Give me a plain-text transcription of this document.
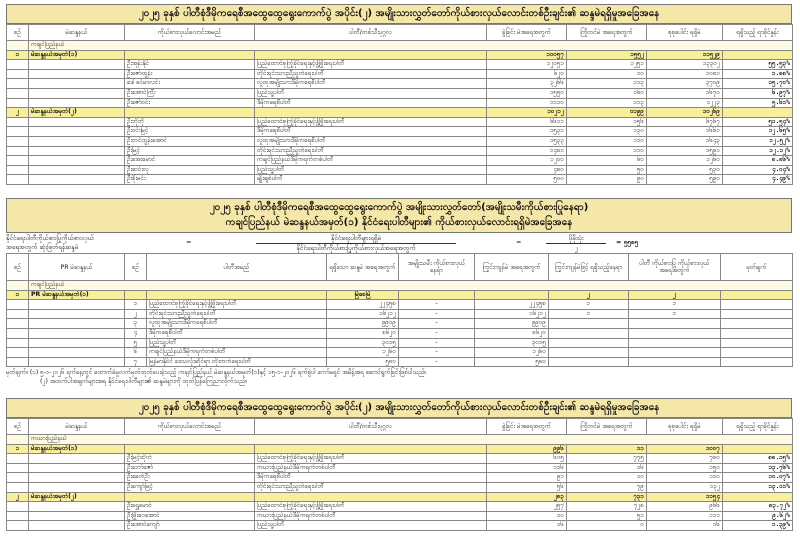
၂၀၂၅ ခုနှစ် ပါတီစုံဒီမိုကရေစီအထွေထွေရွေးကောက်ပွဲ အပိုင်း(၂) အမျိုးသားလွှတ်တော်ကိုယ်စားလှယ်လောင်းတစ်ဦးချင်း၏ ဆန္ဒမဲရရှိမှုအခြေအနေ
စဉ်	မဲဆန္ဒနယ်	ကိုယ်စားလှယ်လောင်းအမည်	ပါတီ/တစ်သီးပုဂ္ဂလ	ခွဲခြင်း မဲအရေအတွက်	ကြိုတင်မဲ အရေအတွက်	စုစုပေါင်း ရရှိမဲ	ရရှိသည့် ရာခိုင်နှုန်း
	ကချင်ပြည်နယ်						
၁	မဲဆန္ဒနယ်အမှတ်(၁)			၁၀၀၅၇	၁၅၅၂	၁၁၅၂၉	
		ဦးအုန်းနိုင်	ပြည်ထောင်စုကြံ့ခိုင်ရေးနှင့်ဖွံ့ဖြိုးရေးပါတီ	၁၂၀၅၁	၁၂၅၁	၁၃၃၀၂	၅၅.၅၃%
		ဦးဇော်ထွန်း	တိုင်းရင်းသားညီညွတ်ရေးပါတီ	၆၂၀	၁၀	၁၀၈၁	၁.၈၈%
		ဒေါ်ခင်မာလင်း	လူထုအမျိုးသားဒီမိုကရေစီပါတီ	၃၂၆၆	၁၁၃	၃၇၀၉	၁၅.၇၀%
		ဦးအောင်ကြီး	ပြည်သူ့ပါတီ	၁၅၅၀	၁၆၀	၁၆၇၀	၆.၉၇%
		ဦးဇော်ဝင်း	ဒီမိုကရေစီပါတီ	၁၁၁၀	၁၁၃	၁၂၂၃	၅.၆၁%
၂	မဲဆန္ဒနယ်အမှတ်(၂)			၁၀၂၁၂	၀၁၉၉	၁၀၂၆၉	
		ဦးဘိုဘို	ပြည်ထောင်စုကြံ့ခိုင်ရေးနှင့်ဖွံ့ဖြိုးရေးပါတီ	၆၆၁၁	၁၅၆	၆၇၆၇	၅၁.၅၄%
		ဦးဝင်းမြင့်	ဒီမိုကရေစီပါတီ	၁၅၃၁	၁၃၀	၁၆၆၁	၁၂.၆၅%
		ဦးတင်ထွန်းအောင်	လူထုအမျိုးသားဒီမိုကရေစီပါတီ	၁၅၃၃	၁၁၀	၁၆၄၃	၁၂.၅၂%
		ဦးမြင့်	တိုင်းရင်းသားညီညွတ်ရေးပါတီ	၁၄၈၁	၁၁၀	၁၅၉၁	၁၂.၁၂%
		ဦးအေးမောင်	ကချင်ပြည်နယ်ဒီမိုကရက်တစ်ပါတီ	၁၂၀၀	၆၀	၁၂၆၀	၈.၈၆%
		ဦးဆင်းလှ	ပြည်သူ့ပါတီ	၄၈၀	၅၀	၅၃၀	၄.၀၄%
		ဦးစိုးမင်း	မျိုးချစ်ပါတီ	၅၀၀	၉၀	၅၉၀	၄.၄၉%
၂၀၂၅ ခုနှစ် ပါတီစုံဒီမိုကရေစီအထွေထွေရွေးကောက်ပွဲ အမျိုးသားလွှတ်တော်(အမျိုးသမီးကိုယ်စားပြုနေရာ)
ကချင်ပြည်နယ် မဲဆန္ဒနယ်အမှတ်(၁) နိုင်ငံရေးပါတီများ၏ ကိုယ်စားလှယ်လောင်းရရှိမဲအခြေအနေ
နိုင်ငံရေးပါတီကိုယ်စားပြုကိုယ်စားလှယ်
အရေအတွက် ဆုံးဖြတ်ရန်ဆန္ဒမဲ
=	နိုင်ငံရေးပါတီများရရှိမဲ
နိုင်ငံရေးပါတီကိုယ်စားပြုကိုယ်စားလှယ်အရေအတွက်
=	ပိုမိုသုံး
၂
= ၅၅၈၅
စဉ်	PR မဲဆန္ဒနယ်	စဉ်	ပါတီအမည်	ရရှိသော ဆန္ဒမဲ အရေအတွက်	အမျိုးသမီး ကိုယ်စားလှယ် နေရာ	ကြွင်းကျန်မဲ အရေအတွက်	ကြွင်းကျန်မဲဖြင့် ရရှိသည့်နေရာ	ပါတီ ကိုယ်စားပြု ကိုယ်စားလှယ် အရေအတွက်	မှတ်ချက်
	ကချင်ပြည်နယ်								
၁	PR မဲဆန္ဒနယ်အမှတ်(၁)			မြဲစေမြဲ			၂	၂	
		၁	ပြည်ထောင်စုကြံ့ခိုင်ရေးနှင့်ဖွံ့ဖြိုးရေးပါတီ	၂၂၄၅၈	-	၂၂၄၅၈	၁	၁	
		၂	တိုင်းရင်းသားညီညွတ်ရေးပါတီ	၁၆၂၁၂	-	၁၆၂၁၂	၁	၁	
		၃	လူထုအမျိုးသားဒီမိုကရေစီပါတီ	၉၉၁၉	-	၉၉၁၉			
		၄	ဒီမိုကရေစီပါတီ	၈၆၂၀	-	၈၆၂၀			
		၅	ပြည်သူ့ပါတီ	၃၀၁၅	-	၃၀၁၅			
		၆	ကချင်ပြည်နယ်ဒီမိုကရက်တစ်ပါတီ	၁၂၆၀	-	၁၂၆၀			
		၇	မြန်မာနိုင်ငံ ဒေသလုံးဆိုင်ရာ တိုးတက်ရေးပါတီ	၅၈၀	-	၅၈၀			
မှတ်ချက်။ (၁) ၅-၁-၂၀၂၆ ရက်နေ့တွင် ထောက်ခံမှုလက်မှတ်ထုတ်ပေးခဲ့သည့် ကချင်ပြည်နယ် မဲဆန္ဒနယ်အမှတ်(၁)နှင့် ၁၅-၁-၂၀၂၆ ရက်စွဲပါ ကော်မရှင် အမိန့်အရ ဆောင်ရွက်ခြင်းဖြစ်ပါသည်။
(၂) အထက်ပါအချက်များအရ နိုင်ငံရေးပါတီများ၏ ဆန္ဒမဲများကို ထုတ်ပြန်ကြေညာလိုက်သည်။
၂၀၂၅ ခုနှစ် ပါတီစုံဒီမိုကရေစီအထွေထွေရွေးကောက်ပွဲ အပိုင်း(၂) အမျိုးသားလွှတ်တော်ကိုယ်စားလှယ်လောင်းတစ်ဦးချင်း၏ ဆန္ဒမဲရရှိမှုအခြေအနေ
စဉ်	မဲဆန္ဒနယ်	ကိုယ်စားလှယ်လောင်းအမည်	ပါတီ/တစ်သီးပုဂ္ဂလ	ခွဲခြင်း မဲအရေအတွက်	ကြိုတင်မဲ အရေအတွက်	စုစုပေါင်း ရရှိမဲ	ရရှိသည့် ရာခိုင်နှုန်း
	ကယားပြည်နယ်						
၁	မဲဆန္ဒနယ်အမှတ်(၁)			၉၉၆	၁၁	၁၀၀၇	
		ဦးမြင့်ထိုက်	ပြည်ထောင်စုကြံ့ခိုင်ရေးနှင့်ဖွံ့ဖြိုးရေးပါတီ	၆၁၅	၇၇၅	၇၈၀	၈၈.၁၅%
		ဦးဘော်ဇော်	ကယားပြည်နယ်ဒီမိုကရက်တစ်ပါတီ	၁၁၆	၁၆	၁၅၀	၁၃.၇၆%
		ဦးခေတ်ဦး	ဒီမိုကရေစီပါတီ	၉၁	၁၀	၁၀၀	၁၀.၀၇%
		ဦးကျော်မြင့်	တိုင်းရင်းသားညီညွတ်ရေးပါတီ	၅၆	၇၉	၁၃၂	၁၃.၁၁%
၂	မဲဆန္ဒနယ်အမှတ်(၂)			၂၈၃	၇၃၁	၁၁၅၄	
		ဦးရွှေမောင်	ပြည်ထောင်စုကြံ့ခိုင်ရေးနှင့်ဖွံ့ဖြိုးရေးပါတီ	၂၅၇	၇၂၈	၉၆၆	၈၃.၇၂%
		ဦးဖြိုးဝေအောင်	ကယားပြည်နယ်ဒီမိုကရက်တစ်ပါတီ	၁၀	၅၁	၁၁၁	၉.၆၂%
		ဦးအောင်ကျော်	ပြည်သူ့ပါတီ	၁၆	၀	၁၆	၁.၃၉%
